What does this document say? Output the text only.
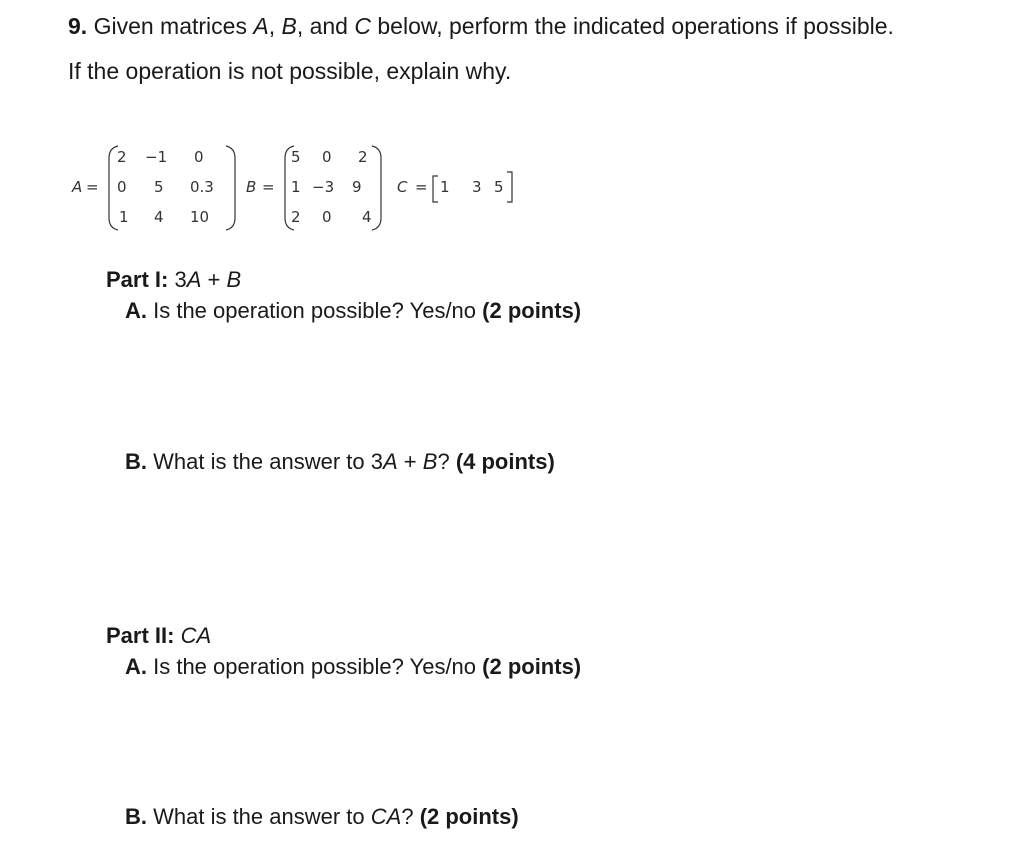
9. Given matrices A, B, and C below, perform the indicated operations if possible.
If the operation is not possible, explain why.
A =
2 −1 0
0 5 0.3
1 4 10
B =
5 0 2
1 −3 9
2 0 4
C = 1 3 5
Part I: 3A + B
A. Is the operation possible? Yes/no (2 points)
B. What is the answer to 3A + B? (4 points)
Part II: CA
A. Is the operation possible? Yes/no (2 points)
B. What is the answer to CA? (2 points)
